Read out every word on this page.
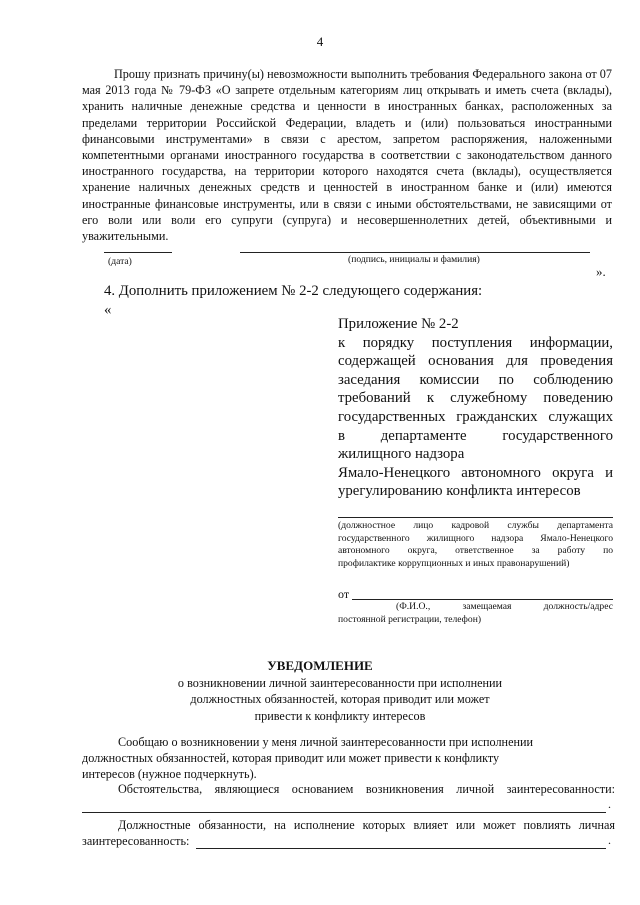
4
Прошу признать причину(ы) невозможности выполнить требования Федерального закона от 07 мая 2013 года № 79-ФЗ «О запрете отдельным категориям лиц открывать и иметь счета (вклады), хранить наличные денежные средства и ценности в иностранных банках, расположенных за пределами территории Российской Федерации, владеть и (или) пользоваться иностранными финансовыми инструментами» в связи с арестом, запретом распоряжения, наложенными компетентными органами иностранного государства в соответствии с законодательством данного иностранного государства, на территории которого находятся счета (вклады), осуществляется хранение наличных денежных средств и ценностей в иностранном банке и (или) имеются иностранные финансовые инструменты, или в связи с иными обстоятельствами, не зависящими от его воли или воли его супруги (супруга) и несовершеннолетних детей, объективными и уважительными.
(дата)	(подпись, инициалы и фамилия)
».
4. Дополнить приложением № 2-2 следующего содержания:
«
Приложение № 2-2
к порядку поступления информации,
содержащей основания для проведения
заседания комиссии по соблюдению
требований к служебному поведению
государственных гражданских служащих
в департаменте государственного
жилищного надзора
Ямало-Ненецкого автономного округа и
урегулированию конфликта интересов
(должностное лицо кадровой службы департамента
государственного жилищного надзора Ямало-Ненецкого
автономного округа, ответственное за работу по
профилактике коррупционных и иных правонарушений)
от
(Ф.И.О., замещаемая должность/адрес
постоянной регистрации, телефон)
УВЕДОМЛЕНИЕ
о возникновении личной заинтересованности при исполнении
должностных обязанностей, которая приводит или может
привести к конфликту интересов
Сообщаю о возникновении у меня личной заинтересованности при исполнении
должностных обязанностей, которая приводит или может привести к конфликту
интересов (нужное подчеркнуть).
Обстоятельства, являющиеся основанием возникновения личной заинтересованности:
.
Должностные обязанности, на исполнение которых влияет или может повлиять личная
заинтересованность:	.
